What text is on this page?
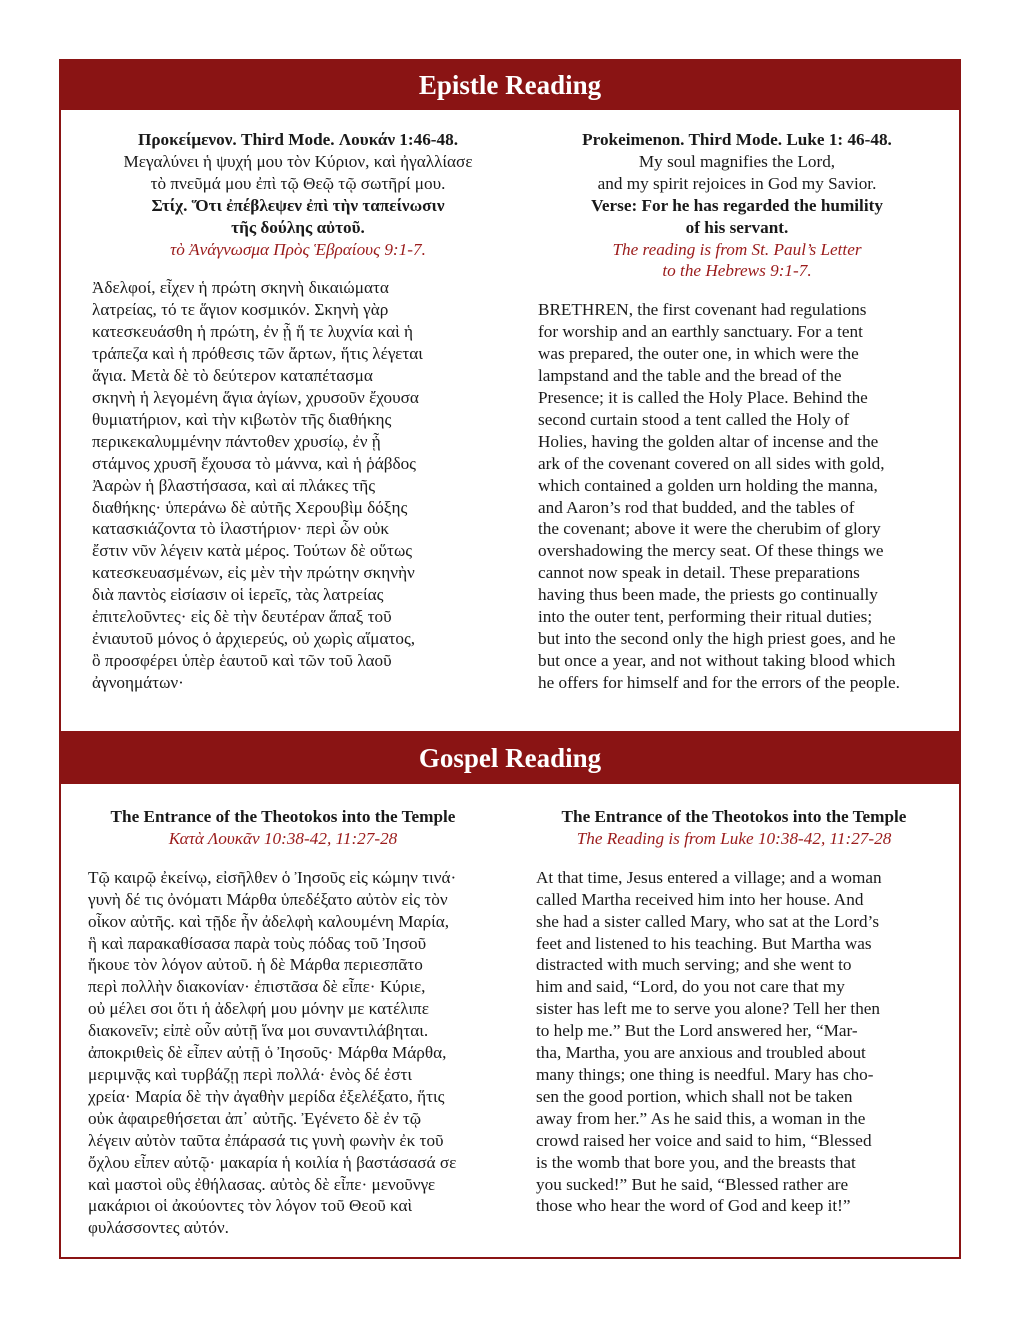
Epistle Reading
Προκείμενον. Third Mode. Λουκάν 1:46-48.
Μεγαλύνει ἡ ψυχή μου τὸν Κύριον, καὶ ἠγαλλίασε
τὸ πνεῦμά μου ἐπὶ τῷ Θεῷ τῷ σωτῆρί μου.
Στίχ. Ὅτι ἐπέβλεψεν ἐπὶ τὴν ταπείνωσιν
τῆς δούλης αὐτοῦ.
τὸ Ἀνάγνωσμα Πρὸς Ἑβραίους 9:1-7.
Ἀδελφοί, εἶχεν ἡ πρώτη σκηνὴ δικαιώματα
λατρείας, τό τε ἅγιον κοσμικόν. Σκηνὴ γὰρ
κατεσκευάσθη ἡ πρώτη, ἐν ᾗ ἥ τε λυχνία καὶ ἡ
τράπεζα καὶ ἡ πρόθεσις τῶν ἄρτων, ἥτις λέγεται
ἅγια. Μετὰ δὲ τὸ δεύτερον καταπέτασμα
σκηνὴ ἡ λεγομένη ἅγια ἁγίων, χρυσοῦν ἔχουσα
θυμιατήριον, καὶ τὴν κιβωτὸν τῆς διαθήκης
περικεκαλυμμένην πάντοθεν χρυσίῳ, ἐν ᾗ
στάμνος χρυσῆ ἔχουσα τὸ μάννα, καὶ ἡ ῥάβδος
Ἀαρὼν ἡ βλαστήσασα, καὶ αἱ πλάκες τῆς
διαθήκης· ὑπεράνω δὲ αὐτῆς Χερουβὶμ δόξης
κατασκιάζοντα τὸ ἱλαστήριον· περὶ ὧν οὐκ
ἔστιν νῦν λέγειν κατὰ μέρος. Τούτων δὲ οὕτως
κατεσκευασμένων, εἰς μὲν τὴν πρώτην σκηνὴν
διὰ παντὸς εἰσίασιν οἱ ἱερεῖς, τὰς λατρείας
ἐπιτελοῦντες· εἰς δὲ τὴν δευτέραν ἅπαξ τοῦ
ἐνιαυτοῦ μόνος ὁ ἀρχιερεύς, οὐ χωρὶς αἵματος,
ὃ προσφέρει ὑπὲρ ἑαυτοῦ καὶ τῶν τοῦ λαοῦ
ἀγνοημάτων·
Prokeimenon. Third Mode. Luke 1: 46-48.
My soul magnifies the Lord,
and my spirit rejoices in God my Savior.
Verse: For he has regarded the humility
of his servant.
The reading is from St. Paul’s Letter
to the Hebrews 9:1-7.
BRETHREN, the first covenant had regulations
for worship and an earthly sanctuary. For a tent
was prepared, the outer one, in which were the
lampstand and the table and the bread of the
Presence; it is called the Holy Place. Behind the
second curtain stood a tent called the Holy of
Holies, having the golden altar of incense and the
ark of the covenant covered on all sides with gold,
which contained a golden urn holding the manna,
and Aaron’s rod that budded, and the tables of
the covenant; above it were the cherubim of glory
overshadowing the mercy seat. Of these things we
cannot now speak in detail. These preparations
having thus been made, the priests go continually
into the outer tent, performing their ritual duties;
but into the second only the high priest goes, and he
but once a year, and not without taking blood which
he offers for himself and for the errors of the people.
Gospel Reading
The Entrance of the Theotokos into the Temple
Κατὰ Λουκᾶν 10:38-42, 11:27-28
Τῷ καιρῷ ἐκείνῳ, εἰσῆλθεν ὁ Ἰησοῦς εἰς κώμην τινά·
γυνὴ δέ τις ὀνόματι Μάρθα ὑπεδέξατο αὐτὸν εἰς τὸν
οἶκον αὐτῆς. καὶ τῇδε ἦν ἀδελφὴ καλουμένη Μαρία,
ἣ καὶ παρακαθίσασα παρὰ τοὺς πόδας τοῦ Ἰησοῦ
ἤκουε τὸν λόγον αὐτοῦ. ἡ δὲ Μάρθα περιεσπᾶτο
περὶ πολλὴν διακονίαν· ἐπιστᾶσα δὲ εἶπε· Κύριε,
οὐ μέλει σοι ὅτι ἡ ἀδελφή μου μόνην με κατέλιπε
διακονεῖν; εἰπὲ οὖν αὐτῇ ἵνα μοι συναντιλάβηται.
ἀποκριθεὶς δὲ εἶπεν αὐτῇ ὁ Ἰησοῦς· Μάρθα Μάρθα,
μεριμνᾷς καὶ τυρβάζῃ περὶ πολλά· ἑνὸς δέ ἐστι
χρεία· Μαρία δὲ τὴν ἀγαθὴν μερίδα ἐξελέξατο, ἥτις
οὐκ ἀφαιρεθήσεται ἀπ᾿ αὐτῆς. Ἐγένετο δὲ ἐν τῷ
λέγειν αὐτὸν ταῦτα ἐπάρασά τις γυνὴ φωνὴν ἐκ τοῦ
ὄχλου εἶπεν αὐτῷ· μακαρία ἡ κοιλία ἡ βαστάσασά σε
καὶ μαστοὶ οὓς ἐθήλασας. αὐτὸς δὲ εἶπε· μενοῦνγε
μακάριοι οἱ ἀκούοντες τὸν λόγον τοῦ Θεοῦ καὶ
φυλάσσοντες αὐτόν.
The Entrance of the Theotokos into the Temple
The Reading is from Luke 10:38-42, 11:27-28
At that time, Jesus entered a village; and a woman
called Martha received him into her house. And
she had a sister called Mary, who sat at the Lord’s
feet and listened to his teaching. But Martha was
distracted with much serving; and she went to
him and said, “Lord, do you not care that my
sister has left me to serve you alone? Tell her then
to help me.” But the Lord answered her, “Mar-
tha, Martha, you are anxious and troubled about
many things; one thing is needful. Mary has cho-
sen the good portion, which shall not be taken
away from her.” As he said this, a woman in the
crowd raised her voice and said to him, “Blessed
is the womb that bore you, and the breasts that
you sucked!” But he said, “Blessed rather are
those who hear the word of God and keep it!”
